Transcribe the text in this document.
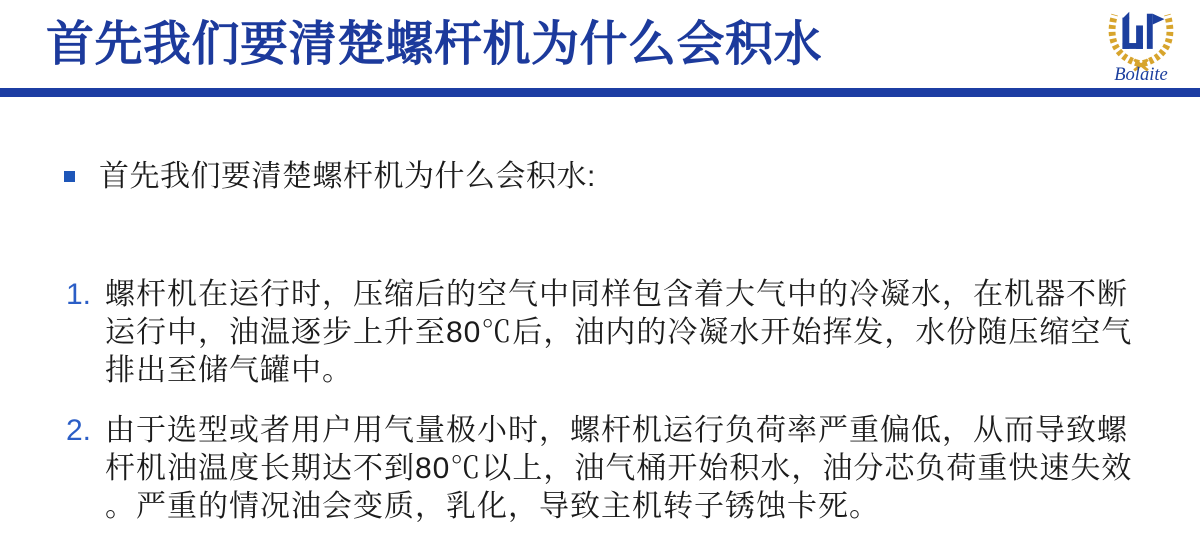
首先我们要清楚螺杆机为什么会积水
Bolaite
首先我们要清楚螺杆机为什么会积水:
1. 螺杆机在运行时，压缩后的空气中同样包含着大气中的冷凝水，在机器不断
运行中，油温逐步上升至80℃后，油内的冷凝水开始挥发，水份随压缩空气
排出至储气罐中。
2. 由于选型或者用户用气量极小时，螺杆机运行负荷率严重偏低，从而导致螺
杆机油温度长期达不到80℃以上，油气桶开始积水，油分芯负荷重快速失效
。严重的情况油会变质，乳化，导致主机转子锈蚀卡死。
